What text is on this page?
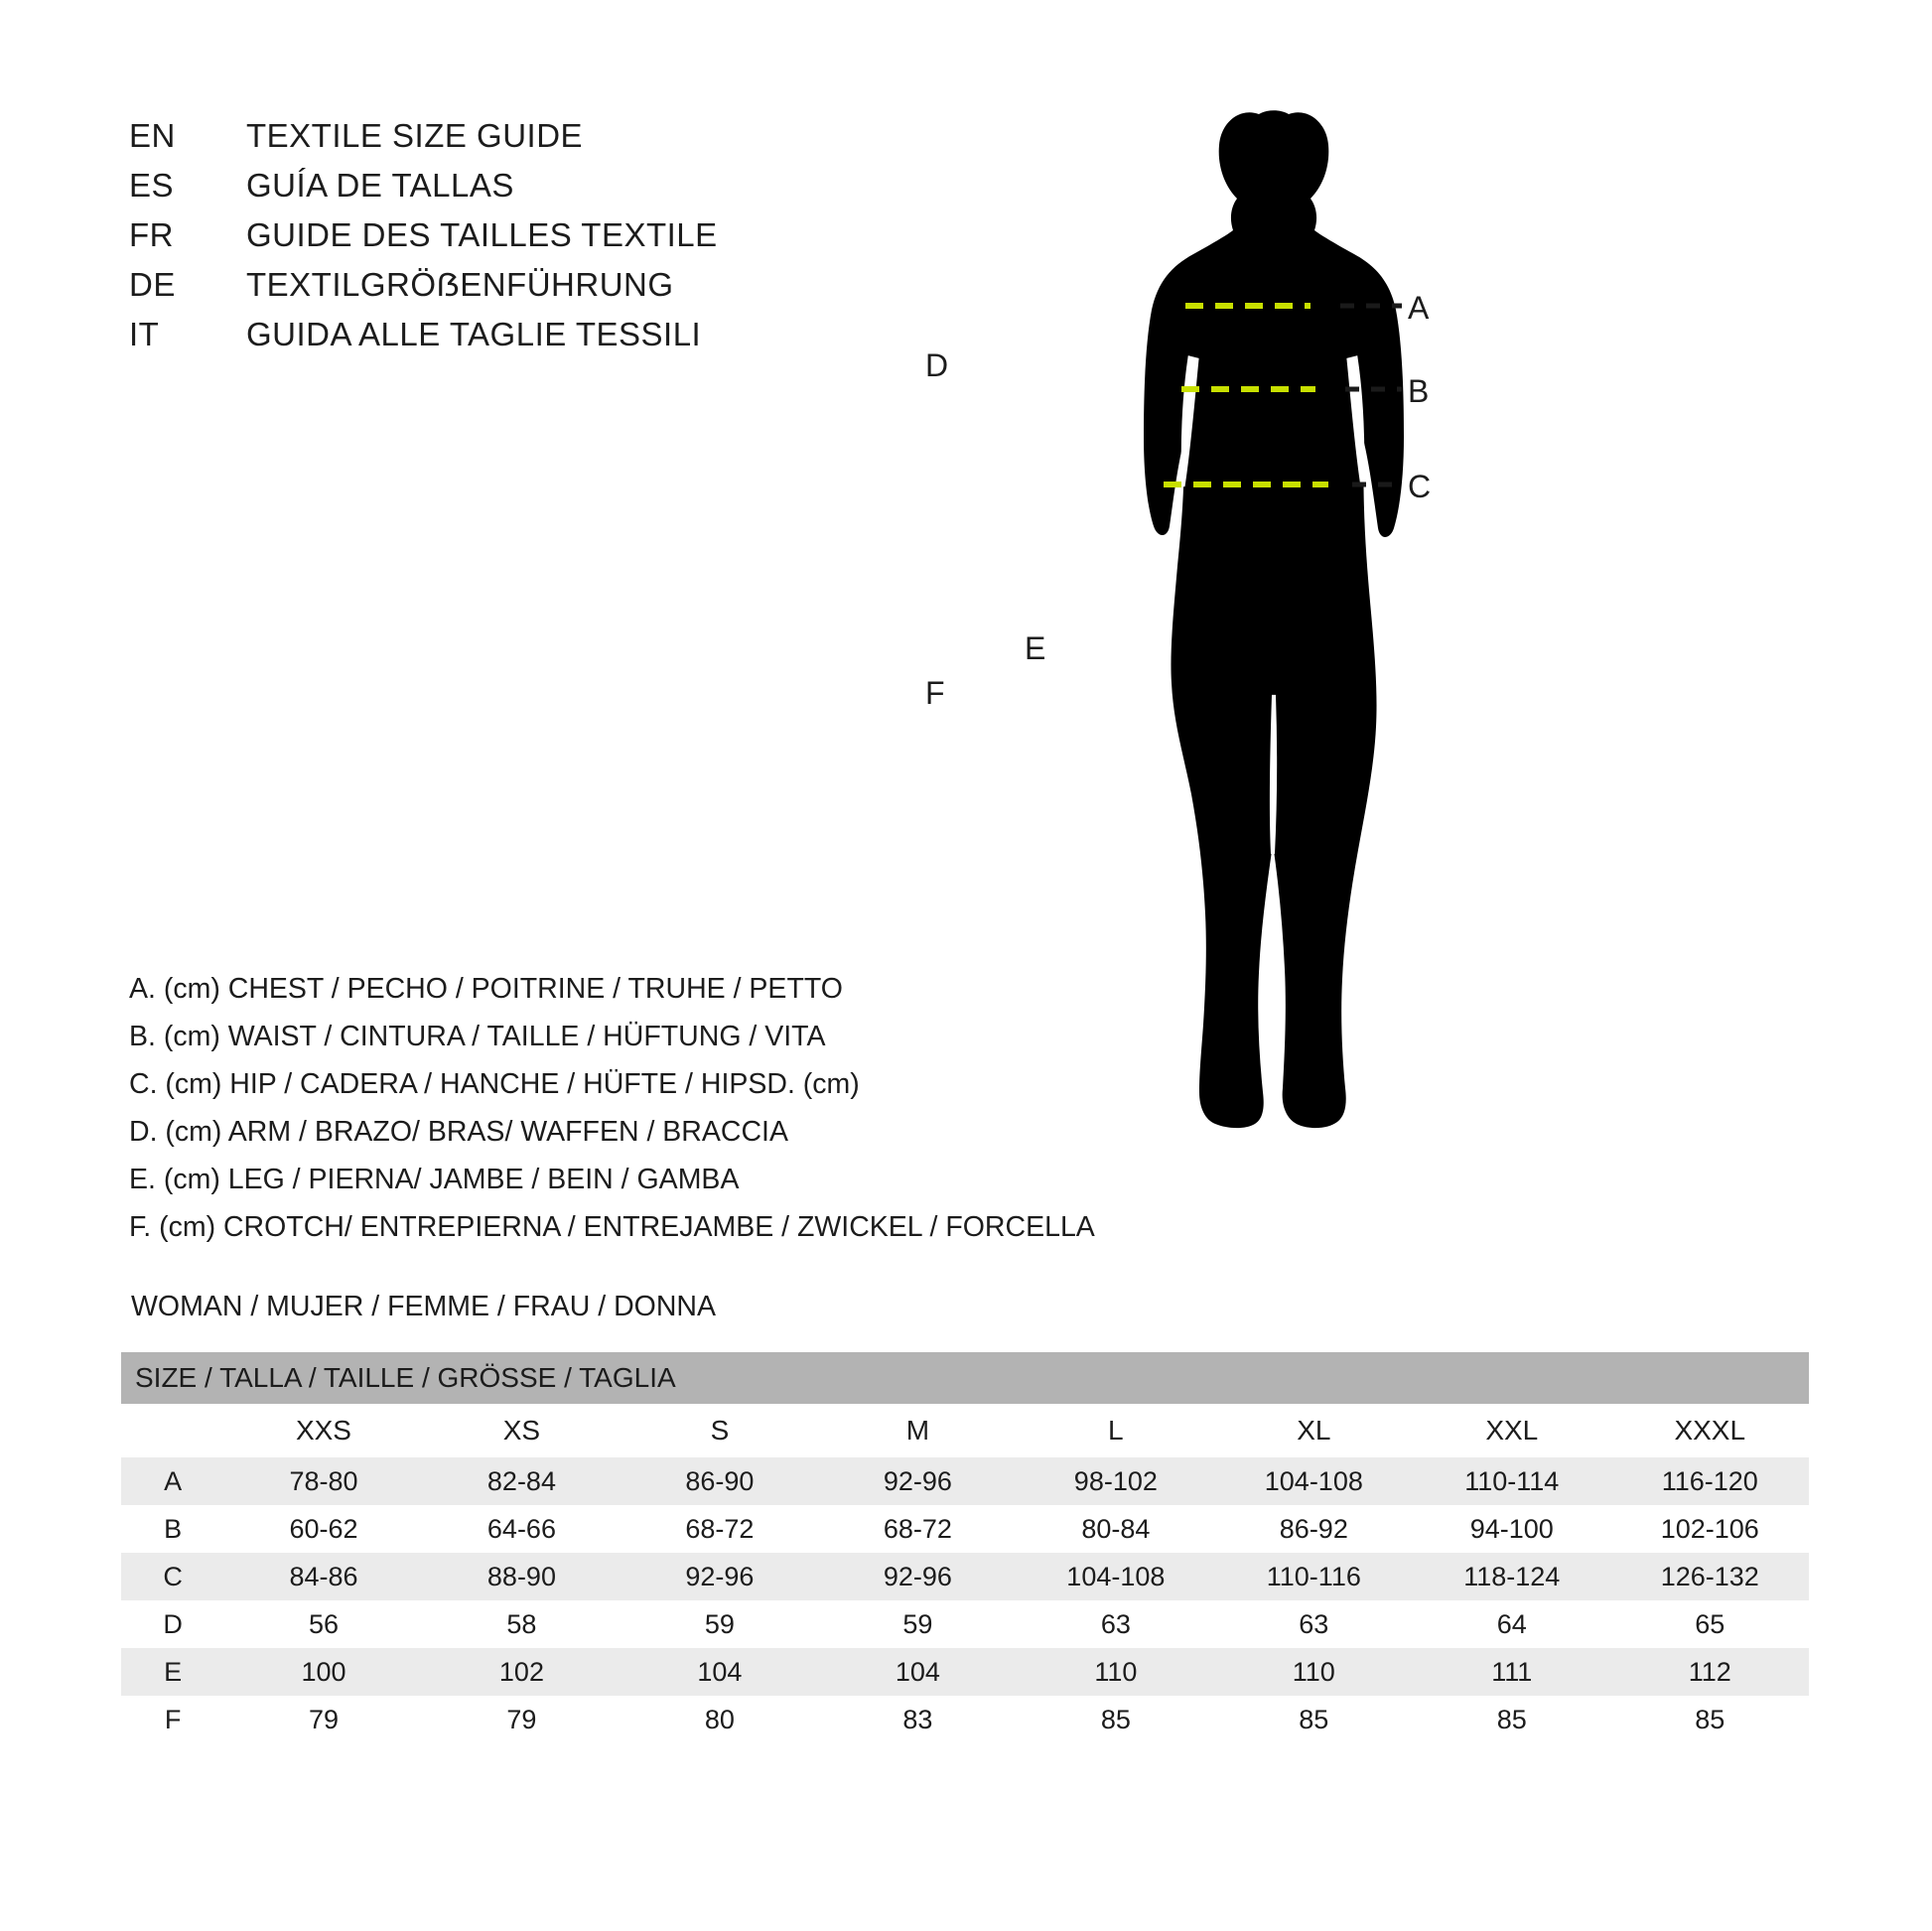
EN	TEXTILE SIZE GUIDE
ES	GUÍA DE TALLAS
FR	GUIDE DES TAILLES TEXTILE
DE	TEXTILGRÖẞENFÜHRUNG
IT	GUIDA ALLE TAGLIE TESSILI
A. (cm) CHEST / PECHO / POITRINE / TRUHE / PETTO
B. (cm) WAIST / CINTURA / TAILLE / HÜFTUNG / VITA
C. (cm) HIP / CADERA / HANCHE / HÜFTE / HIPSD. (cm)
D. (cm) ARM / BRAZO/ BRAS/ WAFFEN / BRACCIA
E. (cm) LEG / PIERNA/ JAMBE / BEIN / GAMBA
F. (cm) CROTCH/ ENTREPIERNA / ENTREJAMBE / ZWICKEL / FORCELLA
WOMAN / MUJER / FEMME / FRAU / DONNA
A
B
C
D
E
F
SIZE / TALLA / TAILLE / GRÖSSE / TAGLIA								
	XXS	XS	S	M	L	XL	XXL	XXXL
A	78-80	82-84	86-90	92-96	98-102	104-108	110-114	116-120
B	60-62	64-66	68-72	68-72	80-84	86-92	94-100	102-106
C	84-86	88-90	92-96	92-96	104-108	110-116	118-124	126-132
D	56	58	59	59	63	63	64	65
E	100	102	104	104	110	110	111	112
F	79	79	80	83	85	85	85	85
